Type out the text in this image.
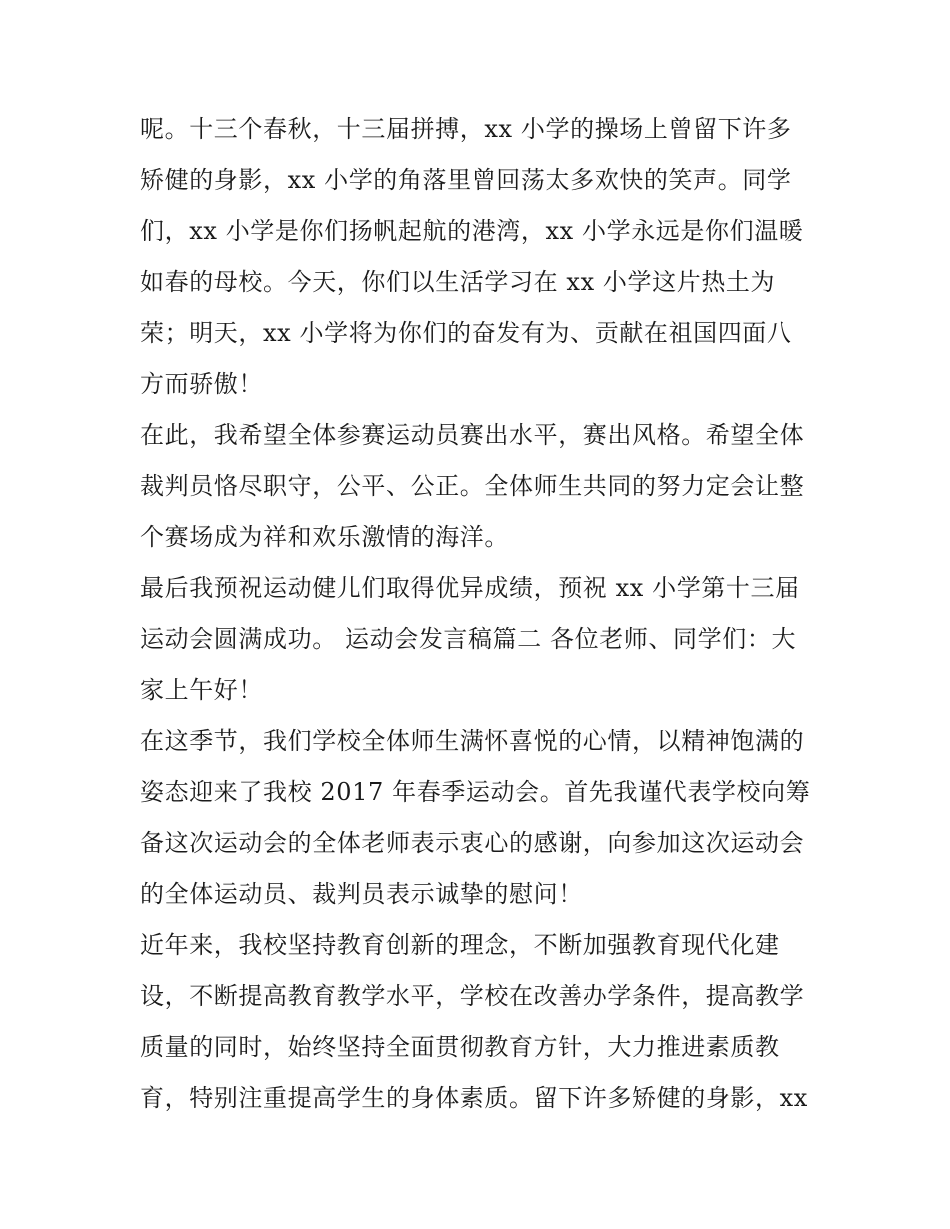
呢。十三个春秋，十三届拼搏，xx 小学的操场上曾留下许多
矫健的身影，xx 小学的角落里曾回荡太多欢快的笑声。同学
们，xx 小学是你们扬帆起航的港湾，xx 小学永远是你们温暖
如春的母校。今天，你们以生活学习在 xx 小学这片热土为
荣；明天，xx 小学将为你们的奋发有为、贡献在祖国四面八
方而骄傲！
在此，我希望全体参赛运动员赛出水平，赛出风格。希望全体
裁判员恪尽职守，公平、公正。全体师生共同的努力定会让整
个赛场成为祥和欢乐激情的海洋。
最后我预祝运动健儿们取得优异成绩，预祝 xx 小学第十三届
运动会圆满成功。 运动会发言稿篇二 各位老师、同学们：大
家上午好！
在这季节，我们学校全体师生满怀喜悦的心情，以精神饱满的
姿态迎来了我校 2017 年春季运动会。首先我谨代表学校向筹
备这次运动会的全体老师表示衷心的感谢，向参加这次运动会
的全体运动员、裁判员表示诚挚的慰问！
近年来，我校坚持教育创新的理念，不断加强教育现代化建
设，不断提高教育教学水平，学校在改善办学条件，提高教学
质量的同时，始终坚持全面贯彻教育方针，大力推进素质教
育，特别注重提高学生的身体素质。留下许多矫健的身影，xx
